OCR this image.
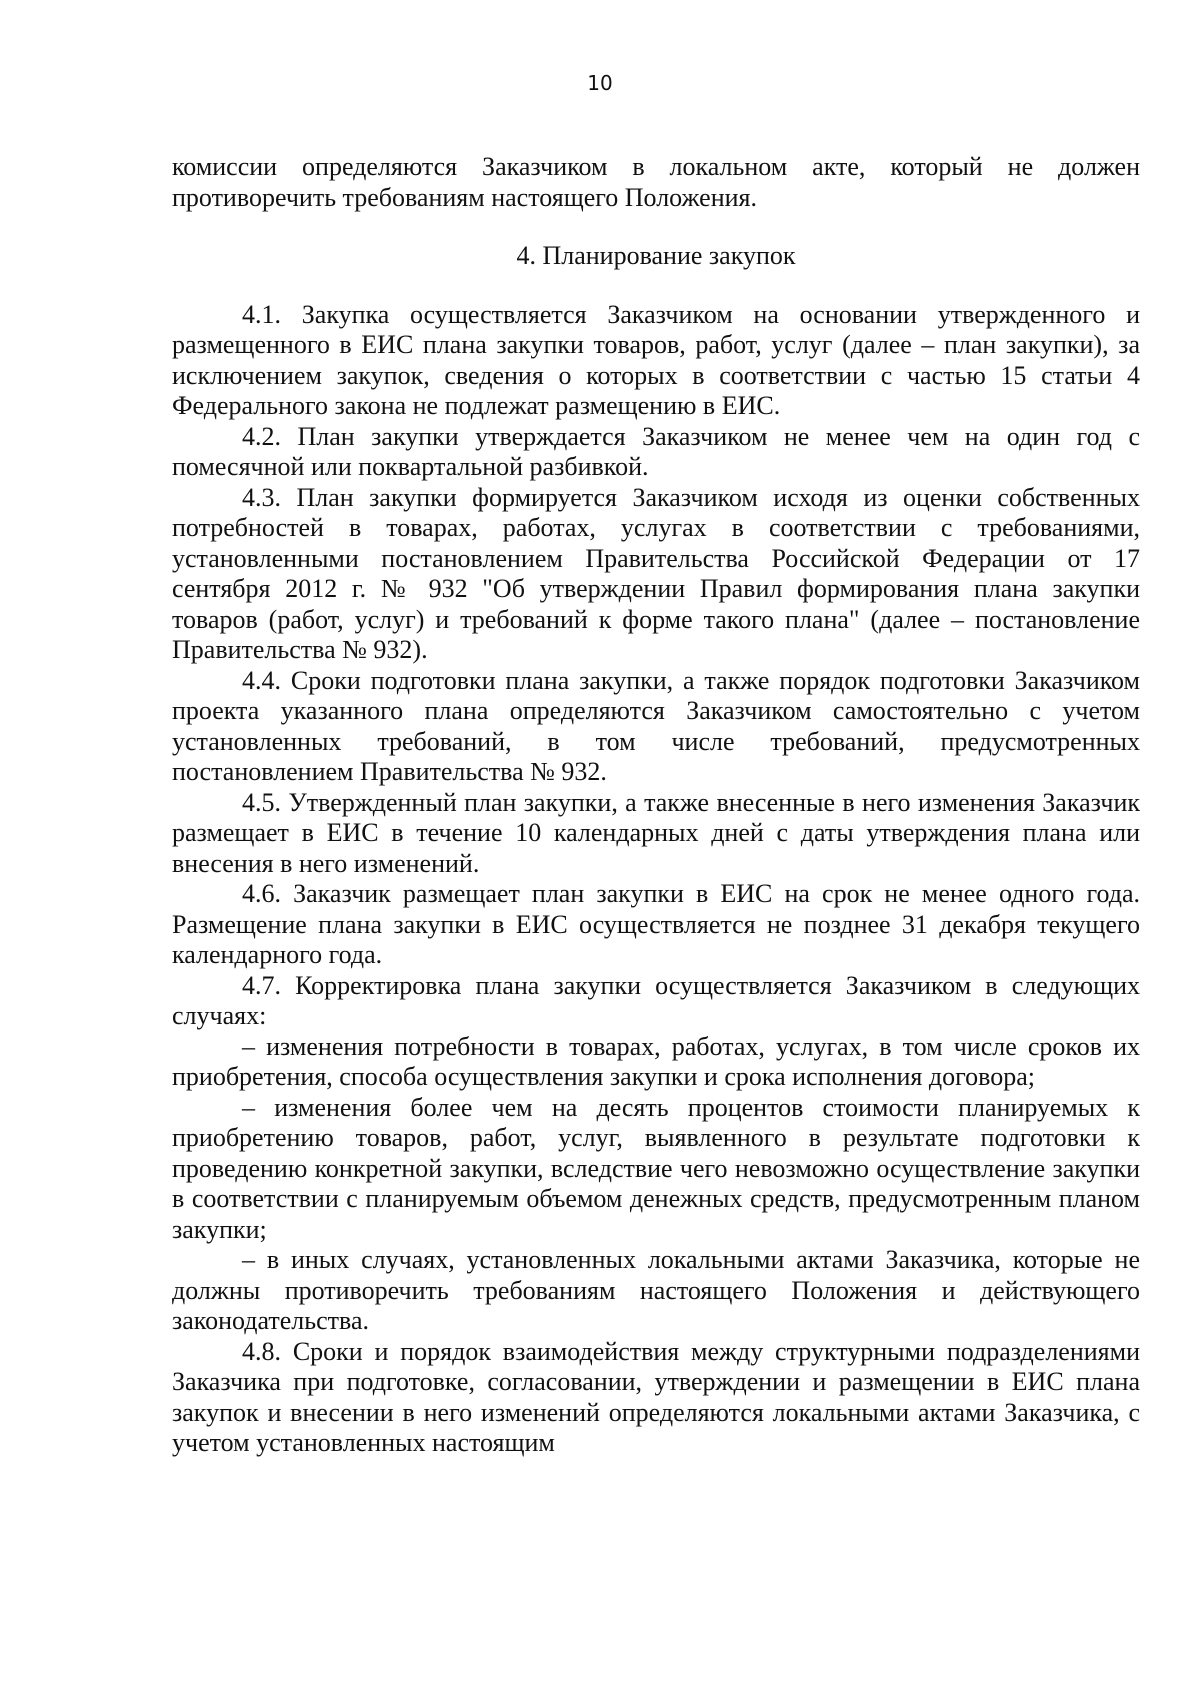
10

комиссии определяются Заказчиком в локальном акте, который не должен противоречить требованиям настоящего Положения.

4. Планирование закупок

4.1. Закупка осуществляется Заказчиком на основании утвержденного и размещенного в ЕИС плана закупки товаров, работ, услуг (далее – план закупки), за исключением закупок, сведения о которых в соответствии с частью 15 статьи 4 Федерального закона не подлежат размещению в ЕИС.

4.2. План закупки утверждается Заказчиком не менее чем на один год с помесячной или поквартальной разбивкой.

4.3. План закупки формируется Заказчиком исходя из оценки собственных потребностей в товарах, работах, услугах в соответствии с требованиями, установленными постановлением Правительства Российской Федерации от 17 сентября 2012 г. № 932 "Об утверждении Правил формирования плана закупки товаров (работ, услуг) и требований к форме такого плана" (далее – постановление Правительства № 932).

4.4. Сроки подготовки плана закупки, а также порядок подготовки Заказчиком проекта указанного плана определяются Заказчиком самостоятельно с учетом установленных требований, в том числе требований, предусмотренных постановлением Правительства № 932.

4.5. Утвержденный план закупки, а также внесенные в него изменения Заказчик размещает в ЕИС в течение 10 календарных дней с даты утверждения плана или внесения в него изменений.

4.6. Заказчик размещает план закупки в ЕИС на срок не менее одного года. Размещение плана закупки в ЕИС осуществляется не позднее 31 декабря текущего календарного года.

4.7. Корректировка плана закупки осуществляется Заказчиком в следующих случаях:

– изменения потребности в товарах, работах, услугах, в том числе сроков их приобретения, способа осуществления закупки и срока исполнения договора;

– изменения более чем на десять процентов стоимости планируемых к приобретению товаров, работ, услуг, выявленного в результате подготовки к проведению конкретной закупки, вследствие чего невозможно осуществление закупки в соответствии с планируемым объемом денежных средств, предусмотренным планом закупки;

– в иных случаях, установленных локальными актами Заказчика, которые не должны противоречить требованиям настоящего Положения и действующего законодательства.

4.8. Сроки и порядок взаимодействия между структурными подразделениями Заказчика при подготовке, согласовании, утверждении и размещении в ЕИС плана закупок и внесении в него изменений определяются локальными актами Заказчика, с учетом установленных настоящим
